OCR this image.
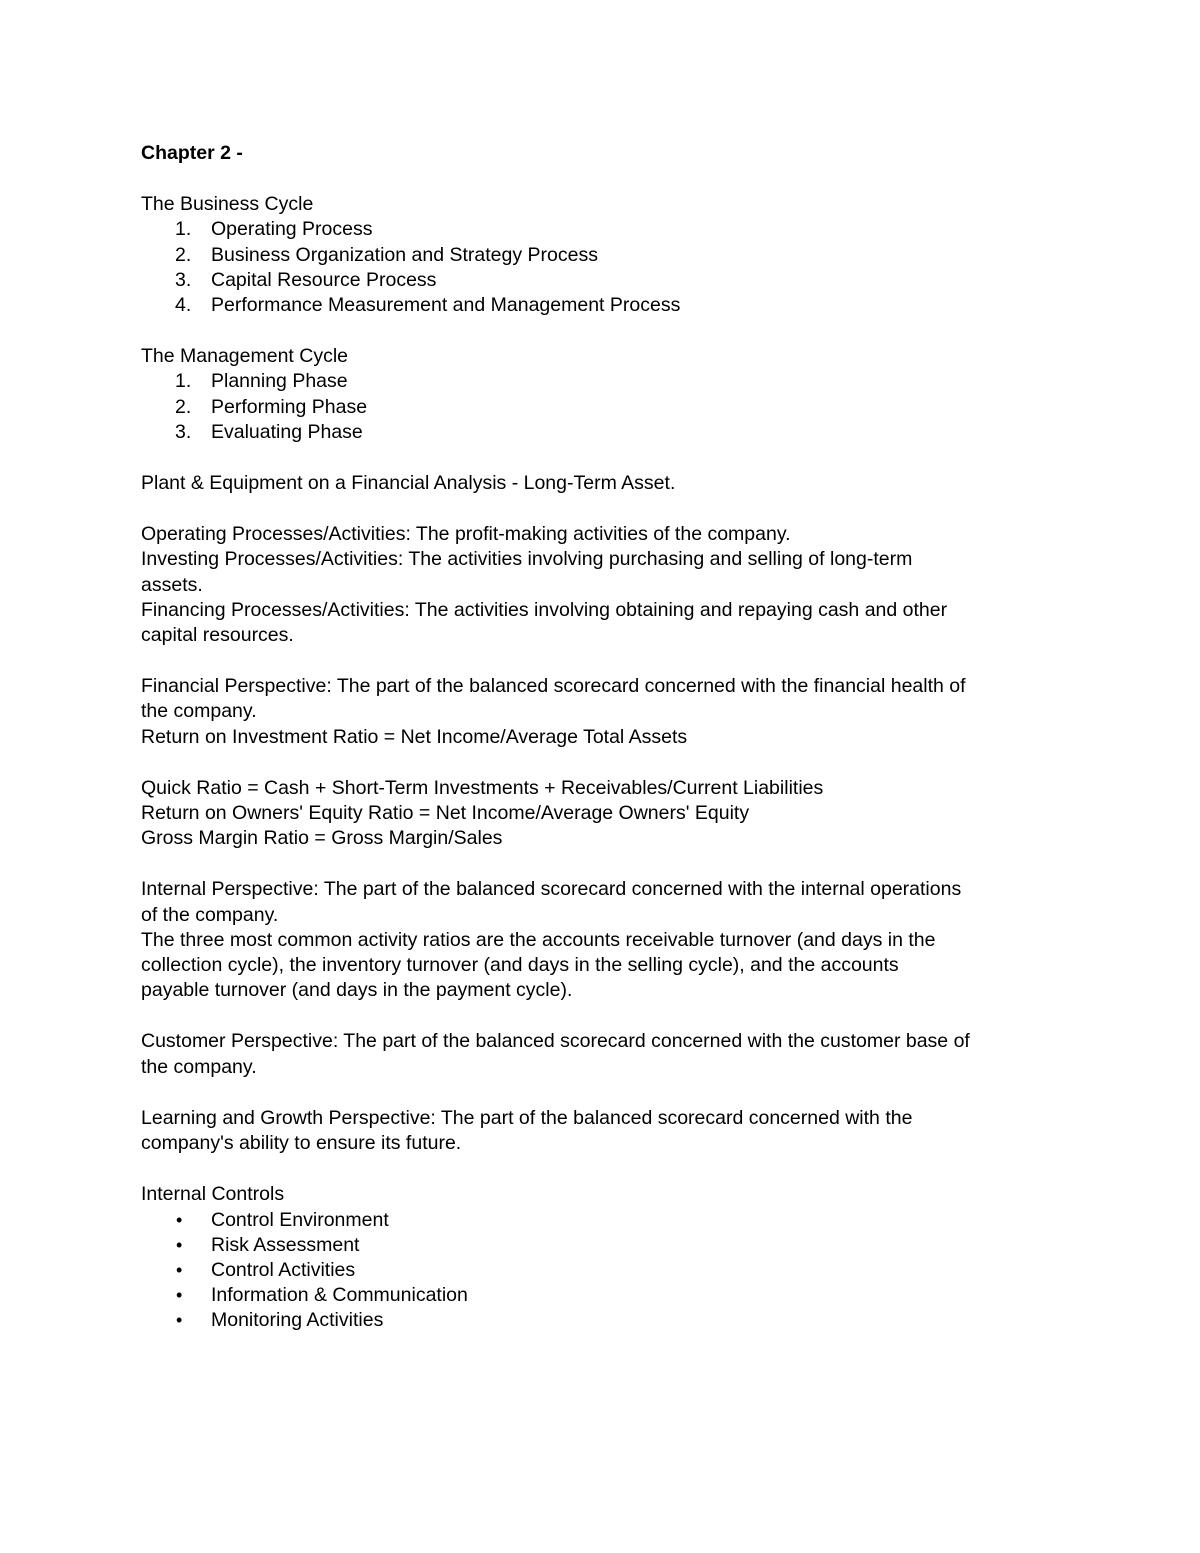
Chapter 2 -

The Business Cycle

1. Operating Process
2. Business Organization and Strategy Process
3. Capital Resource Process
4. Performance Measurement and Management Process

The Management Cycle

1. Planning Phase
2. Performing Phase
3. Evaluating Phase

Plant & Equipment on a Financial Analysis - Long-Term Asset.

Operating Processes/Activities: The profit-making activities of the company.

Investing Processes/Activities: The activities involving purchasing and selling of long-term

assets.

Financing Processes/Activities: The activities involving obtaining and repaying cash and other

capital resources.

Financial Perspective: The part of the balanced scorecard concerned with the financial health of

the company.

Return on Investment Ratio = Net Income/Average Total Assets

Quick Ratio = Cash + Short-Term Investments + Receivables/Current Liabilities

Return on Owners' Equity Ratio = Net Income/Average Owners' Equity

Gross Margin Ratio = Gross Margin/Sales

Internal Perspective: The part of the balanced scorecard concerned with the internal operations

of the company.

The three most common activity ratios are the accounts receivable turnover (and days in the

collection cycle), the inventory turnover (and days in the selling cycle), and the accounts

payable turnover (and days in the payment cycle).

Customer Perspective: The part of the balanced scorecard concerned with the customer base of

the company.

Learning and Growth Perspective: The part of the balanced scorecard concerned with the

company's ability to ensure its future.

Internal Controls

• Control Environment
• Risk Assessment
• Control Activities
• Information & Communication
• Monitoring Activities
